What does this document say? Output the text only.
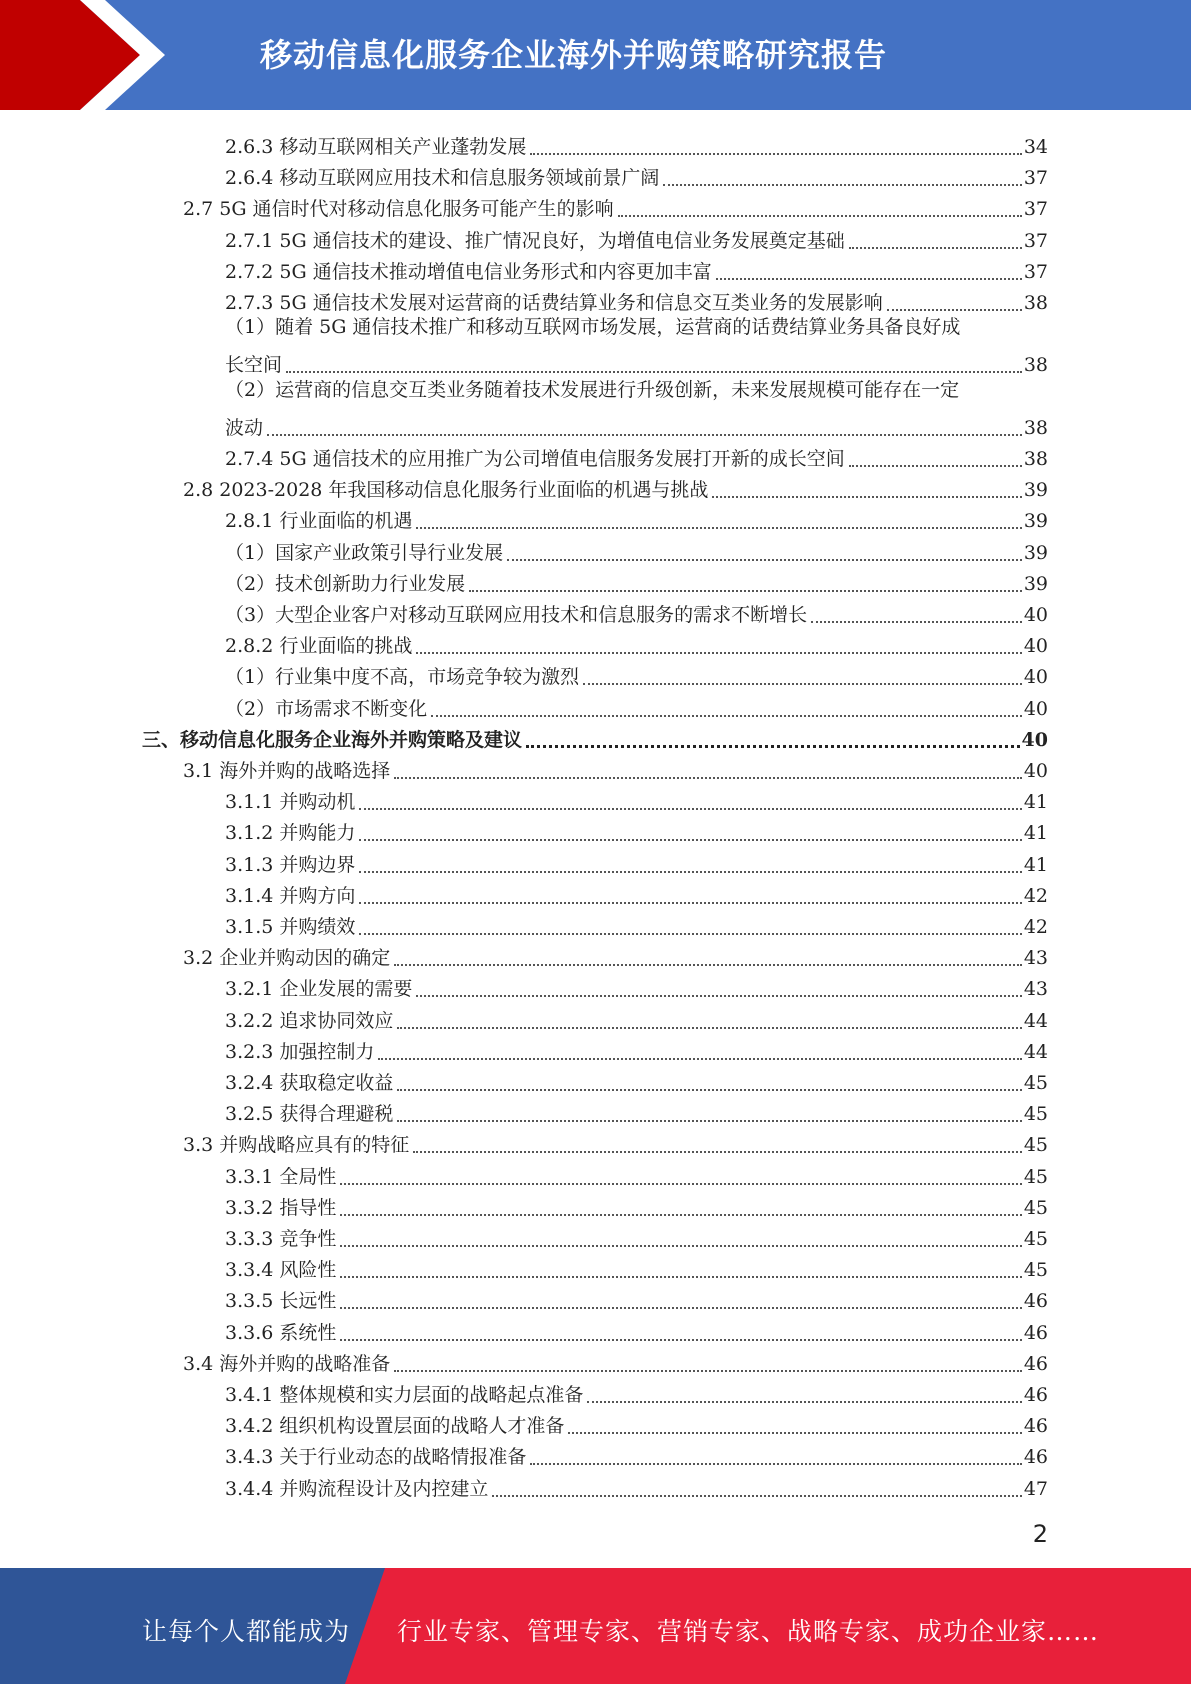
移动信息化服务企业海外并购策略研究报告
2.6.3 移动互联网相关产业蓬勃发展	34
2.6.4 移动互联网应用技术和信息服务领域前景广阔	37
2.7 5G 通信时代对移动信息化服务可能产生的影响	37
2.7.1 5G 通信技术的建设、推广情况良好，为增值电信业务发展奠定基础	37
2.7.2 5G 通信技术推动增值电信业务形式和内容更加丰富	37
2.7.3 5G 通信技术发展对运营商的话费结算业务和信息交互类业务的发展影响	38
（1）随着 5G 通信技术推广和移动互联网市场发展，运营商的话费结算业务具备良好成
长空间	38
（2）运营商的信息交互类业务随着技术发展进行升级创新，未来发展规模可能存在一定
波动	38
2.7.4 5G 通信技术的应用推广为公司增值电信服务发展打开新的成长空间	38
2.8 2023-2028 年我国移动信息化服务行业面临的机遇与挑战	39
2.8.1 行业面临的机遇	39
（1）国家产业政策引导行业发展	39
（2）技术创新助力行业发展	39
（3）大型企业客户对移动互联网应用技术和信息服务的需求不断增长	40
2.8.2 行业面临的挑战	40
（1）行业集中度不高，市场竞争较为激烈	40
（2）市场需求不断变化	40
三、移动信息化服务企业海外并购策略及建议	40
3.1 海外并购的战略选择	40
3.1.1 并购动机	41
3.1.2 并购能力	41
3.1.3 并购边界	41
3.1.4 并购方向	42
3.1.5 并购绩效	42
3.2 企业并购动因的确定	43
3.2.1 企业发展的需要	43
3.2.2 追求协同效应	44
3.2.3 加强控制力	44
3.2.4 获取稳定收益	45
3.2.5 获得合理避税	45
3.3 并购战略应具有的特征	45
3.3.1 全局性	45
3.3.2 指导性	45
3.3.3 竞争性	45
3.3.4 风险性	45
3.3.5 长远性	46
3.3.6 系统性	46
3.4 海外并购的战略准备	46
3.4.1 整体规模和实力层面的战略起点准备	46
3.4.2 组织机构设置层面的战略人才准备	46
3.4.3 关于行业动态的战略情报准备	46
3.4.4 并购流程设计及内控建立	47
2
让每个人都能成为 行业专家、管理专家、营销专家、战略专家、成功企业家……
